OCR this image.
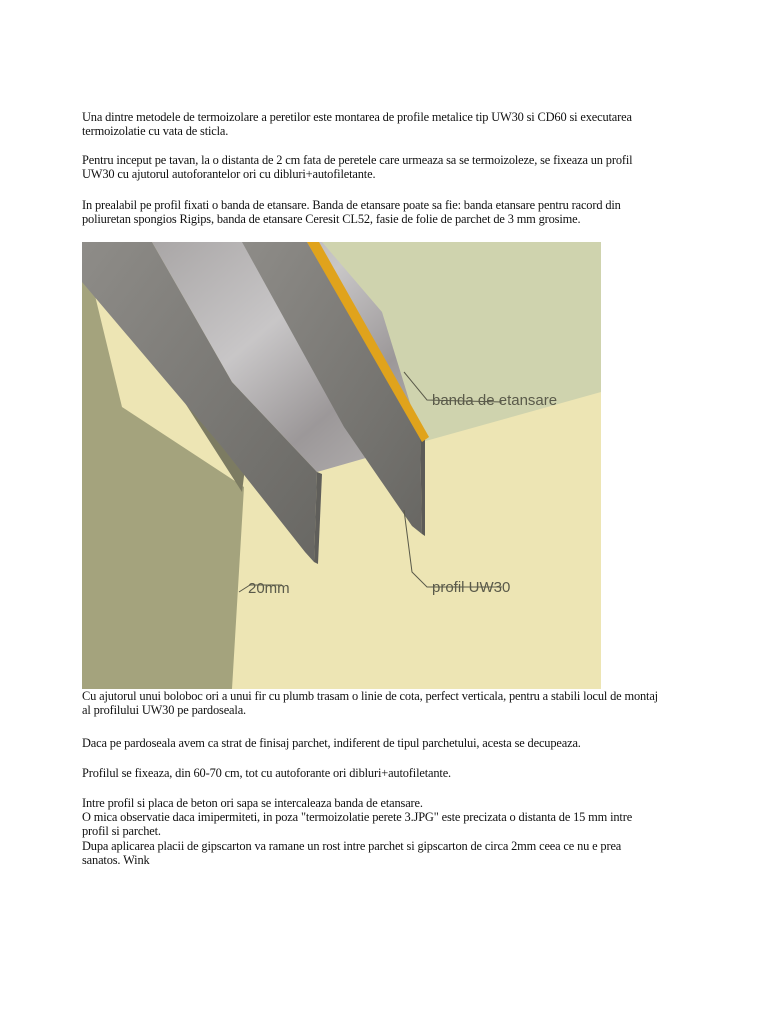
Una dintre metodele de termoizolare a peretilor este montarea de profile metalice tip UW30 si CD60 si executarea
termoizolatie cu vata de sticla.

Pentru inceput pe tavan, la o distanta de 2 cm fata de peretele care urmeaza sa se termoizoleze, se fixeaza un profil
UW30 cu ajutorul autoforantelor ori cu dibluri+autofiletante.

In prealabil pe profil fixati o banda de etansare. Banda de etansare poate sa fie: banda etansare pentru racord din
poliuretan spongios Rigips, banda de etansare Ceresit CL52, fasie de folie de parchet de 3 mm grosime.

banda de etansare
profil UW30
20mm

Cu ajutorul unui boloboc ori a unui fir cu plumb trasam o linie de cota, perfect verticala, pentru a stabili locul de montaj
al profilului UW30 pe pardoseala.

Daca pe pardoseala avem ca strat de finisaj parchet, indiferent de tipul parchetului, acesta se decupeaza.

Profilul se fixeaza, din 60-70 cm, tot cu autoforante ori dibluri+autofiletante.

Intre profil si placa de beton ori sapa se intercaleaza banda de etansare.
O mica observatie daca imipermiteti, in poza "termoizolatie perete 3.JPG" este precizata o distanta de 15 mm intre
profil si parchet.
Dupa aplicarea placii de gipscarton va ramane un rost intre parchet si gipscarton de circa 2mm ceea ce nu e prea
sanatos. Wink
